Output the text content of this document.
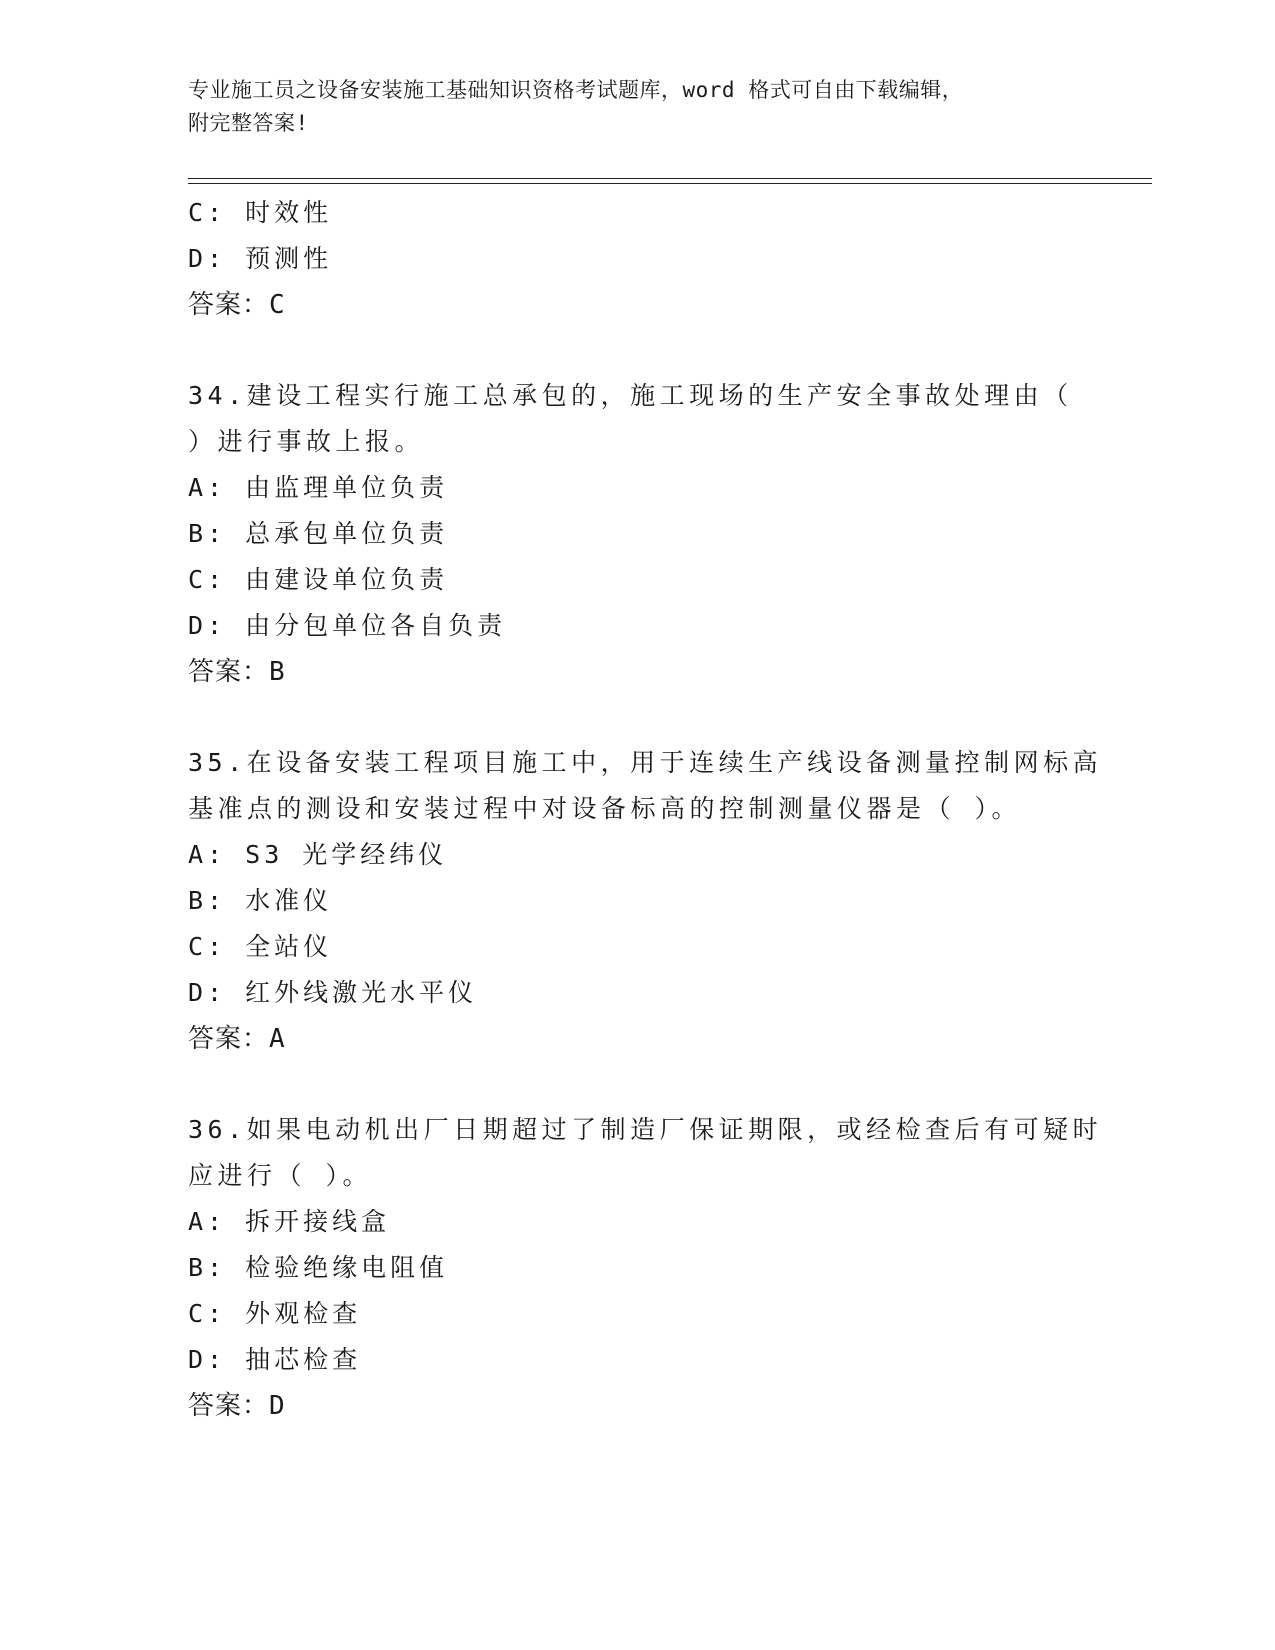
专业施工员之设备安装施工基础知识资格考试题库，word 格式可自由下载编辑，
附完整答案!
C: 时效性
D: 预测性
答案：C
34.建设工程实行施工总承包的，施工现场的生产安全事故处理由（
）进行事故上报。
A: 由监理单位负责
B: 总承包单位负责
C: 由建设单位负责
D: 由分包单位各自负责
答案：B
35.在设备安装工程项目施工中，用于连续生产线设备测量控制网标高
基准点的测设和安装过程中对设备标高的控制测量仪器是（ ）。
A: S3 光学经纬仪
B: 水准仪
C: 全站仪
D: 红外线激光水平仪
答案：A
36.如果电动机出厂日期超过了制造厂保证期限，或经检查后有可疑时
应进行（ ）。
A: 拆开接线盒
B: 检验绝缘电阻值
C: 外观检查
D: 抽芯检查
答案：D
